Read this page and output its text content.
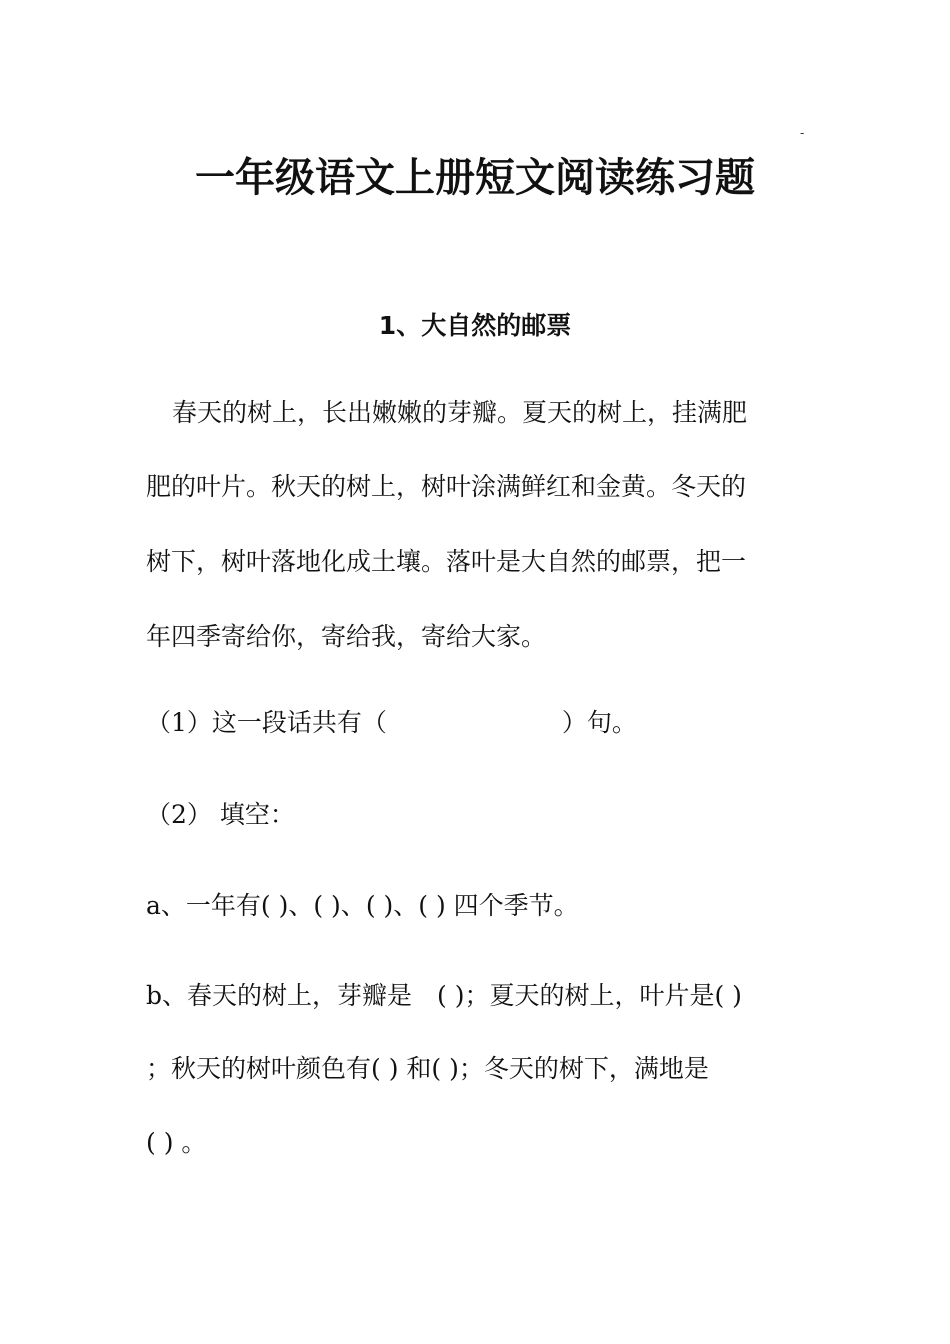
-
一年级语文上册短文阅读练习题
1、大自然的邮票

春天的树上，长出嫩嫩的芽瓣。夏天的树上，挂满肥

肥的叶片。秋天的树上，树叶涂满鲜红和金黄。冬天的

树下，树叶落地化成土壤。落叶是大自然的邮票，把一

年四季寄给你，寄给我，寄给大家。

（1）这一段话共有（　　　　　　　）句。

（2） 填空：

a、一年有( )、( )、( )、( ) 四个季节。

b、春天的树上，芽瓣是　( )；夏天的树上，叶片是( )

；秋天的树叶颜色有( ) 和( )；冬天的树下，满地是

( ) 。
